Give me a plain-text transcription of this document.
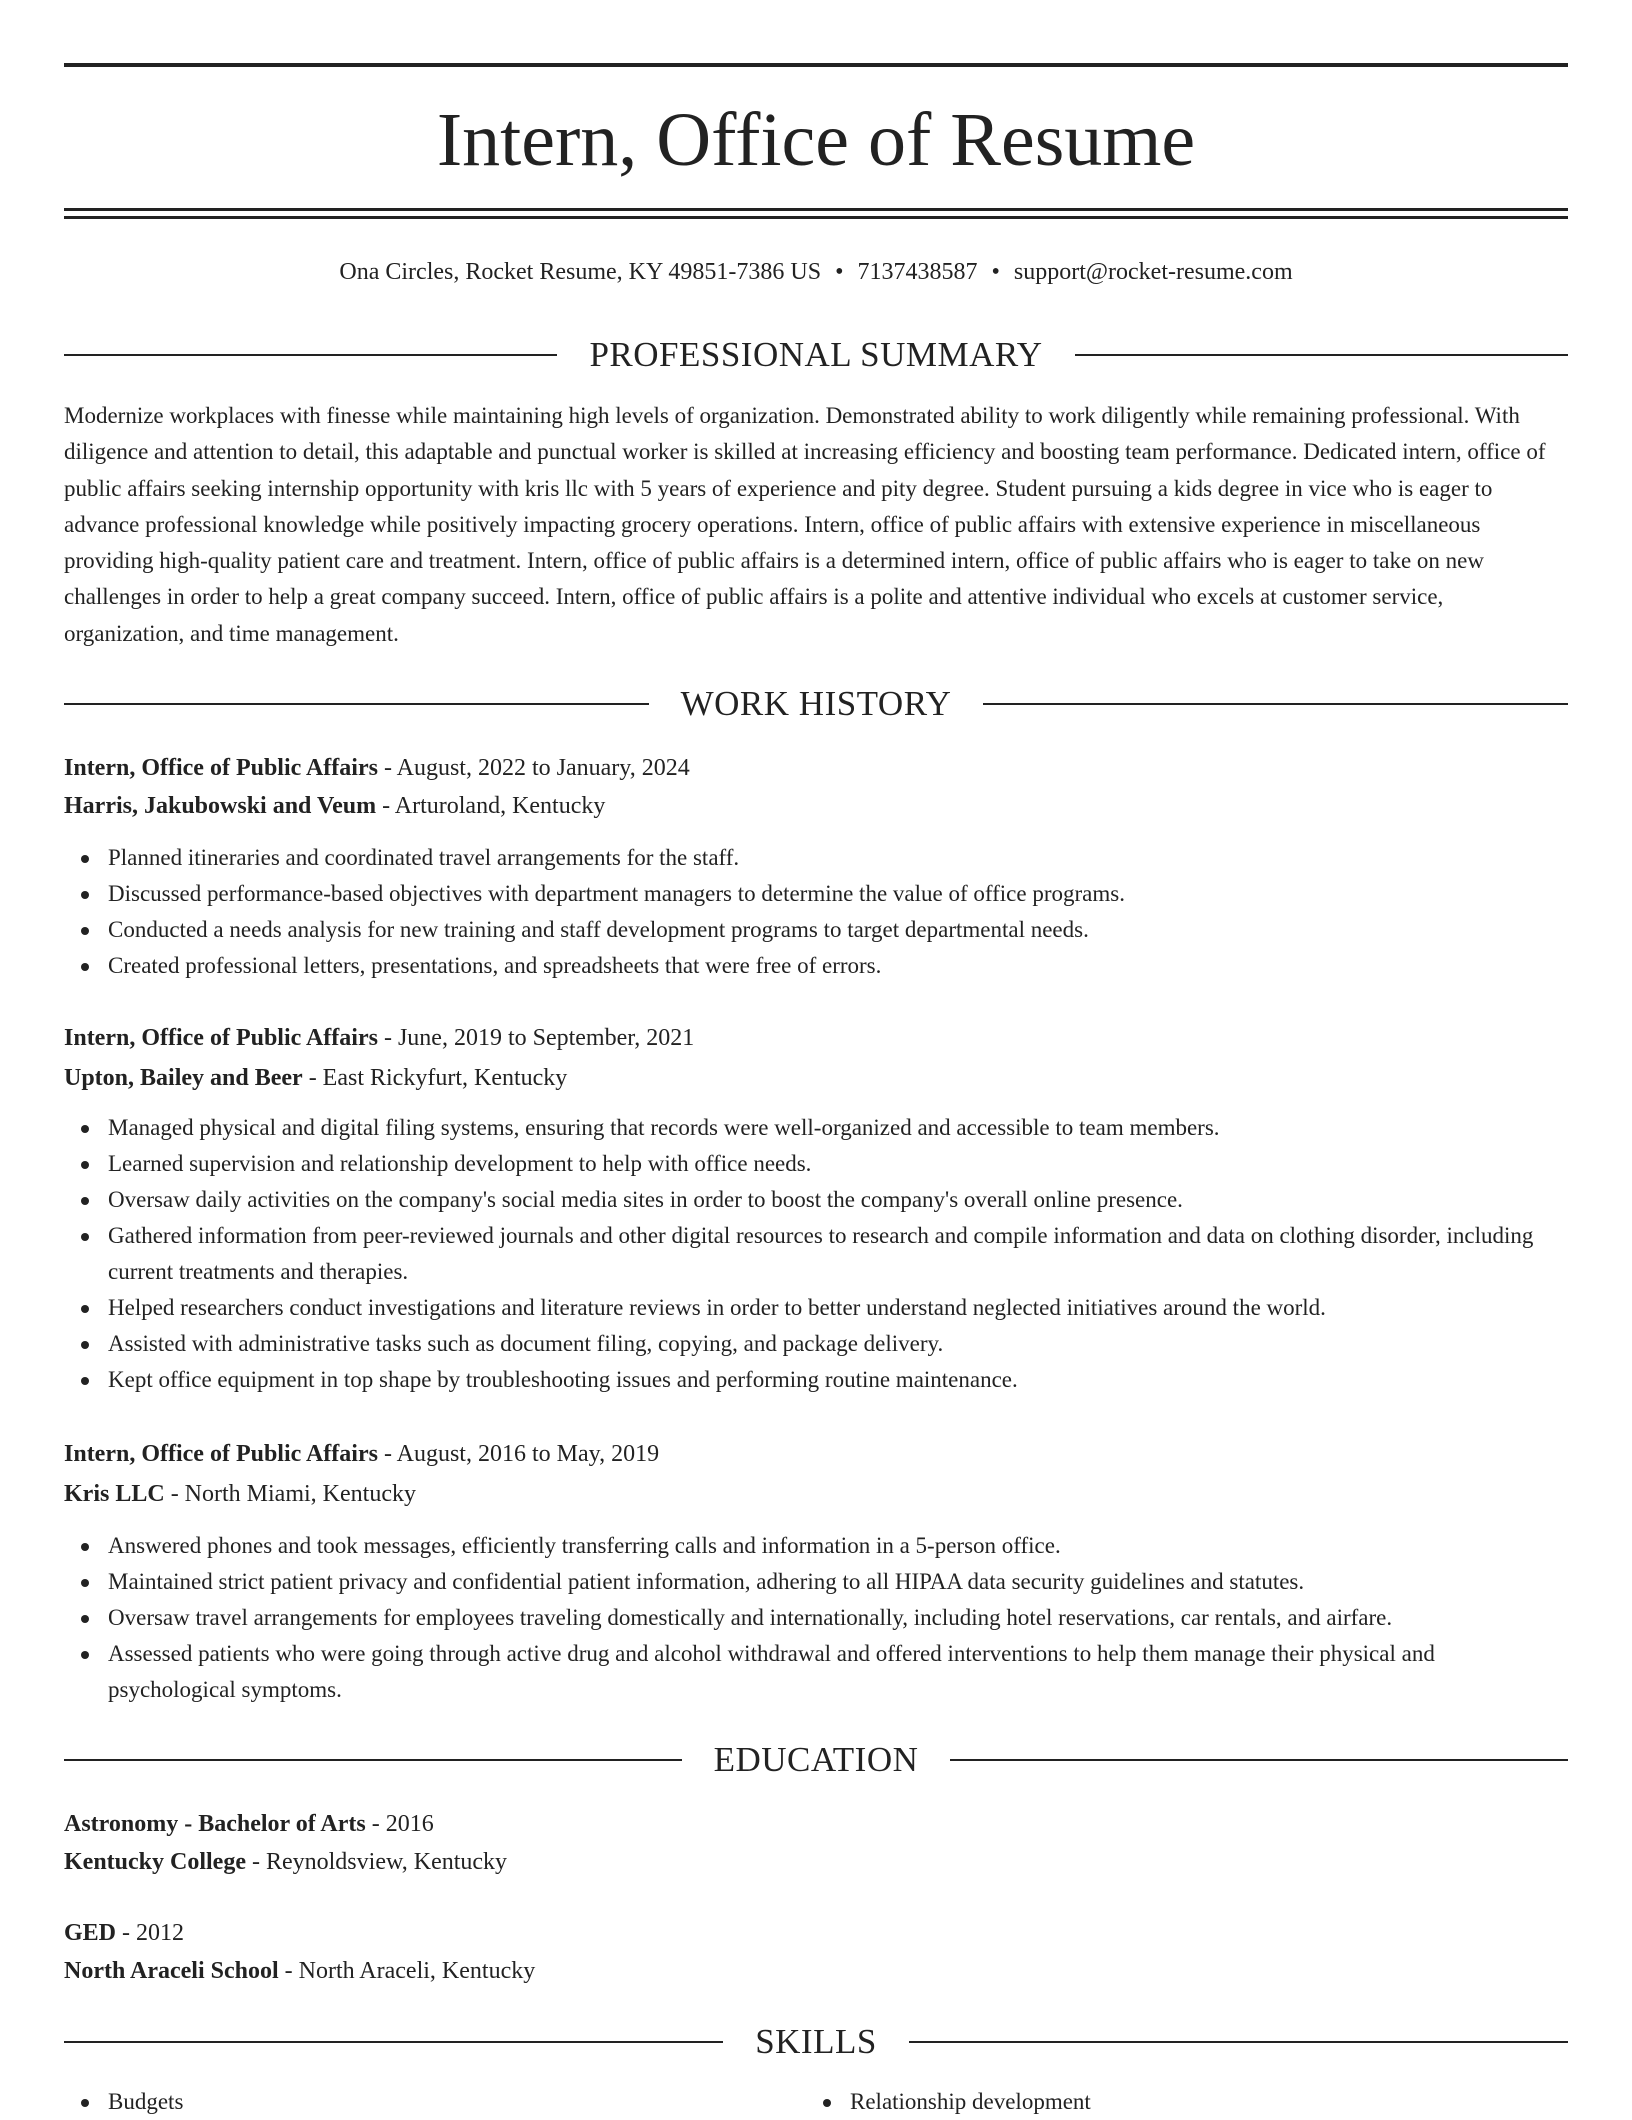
Intern, Office of Resume
Ona Circles, Rocket Resume, KY 49851-7386 US • 7137438587 • support@rocket-resume.com
PROFESSIONAL SUMMARY

Modernize workplaces with finesse while maintaining high levels of organization. Demonstrated ability to work diligently while remaining professional. With diligence and attention to detail, this adaptable and punctual worker is skilled at increasing efficiency and boosting team performance. Dedicated intern, office of public affairs seeking internship opportunity with kris llc with 5 years of experience and pity degree. Student pursuing a kids degree in vice who is eager to advance professional knowledge while positively impacting grocery operations. Intern, office of public affairs with extensive experience in miscellaneous providing high-quality patient care and treatment. Intern, office of public affairs is a determined intern, office of public affairs who is eager to take on new challenges in order to help a great company succeed. Intern, office of public affairs is a polite and attentive individual who excels at customer service, organization, and time management.

WORK HISTORY
Intern, Office of Public Affairs - August, 2022 to January, 2024
Harris, Jakubowski and Veum - Arturoland, Kentucky
Planned itineraries and coordinated travel arrangements for the staff.
Discussed performance-based objectives with department managers to determine the value of office programs.
Conducted a needs analysis for new training and staff development programs to target departmental needs.
Created professional letters, presentations, and spreadsheets that were free of errors.
Intern, Office of Public Affairs - June, 2019 to September, 2021
Upton, Bailey and Beer - East Rickyfurt, Kentucky
Managed physical and digital filing systems, ensuring that records were well-organized and accessible to team members.
Learned supervision and relationship development to help with office needs.
Oversaw daily activities on the company's social media sites in order to boost the company's overall online presence.
Gathered information from peer-reviewed journals and other digital resources to research and compile information and data on clothing disorder, including current treatments and therapies.
Helped researchers conduct investigations and literature reviews in order to better understand neglected initiatives around the world.
Assisted with administrative tasks such as document filing, copying, and package delivery.
Kept office equipment in top shape by troubleshooting issues and performing routine maintenance.
Intern, Office of Public Affairs - August, 2016 to May, 2019
Kris LLC - North Miami, Kentucky
Answered phones and took messages, efficiently transferring calls and information in a 5-person office.
Maintained strict patient privacy and confidential patient information, adhering to all HIPAA data security guidelines and statutes.
Oversaw travel arrangements for employees traveling domestically and internationally, including hotel reservations, car rentals, and airfare.
Assessed patients who were going through active drug and alcohol withdrawal and offered interventions to help them manage their physical and psychological symptoms.
EDUCATION
Astronomy - Bachelor of Arts - 2016
Kentucky College - Reynoldsview, Kentucky
GED - 2012
North Araceli School - North Araceli, Kentucky
SKILLS
Budgets	Relationship development
